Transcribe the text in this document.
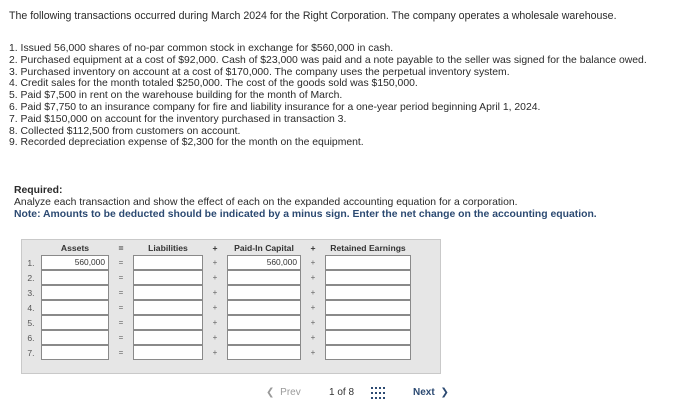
The following transactions occurred during March 2024 for the Right Corporation. The company operates a wholesale warehouse.
1. Issued 56,000 shares of no-par common stock in exchange for $560,000 in cash.
2. Purchased equipment at a cost of $92,000. Cash of $23,000 was paid and a note payable to the seller was signed for the balance owed.
3. Purchased inventory on account at a cost of $170,000. The company uses the perpetual inventory system.
4. Credit sales for the month totaled $250,000. The cost of the goods sold was $150,000.
5. Paid $7,500 in rent on the warehouse building for the month of March.
6. Paid $7,750 to an insurance company for fire and liability insurance for a one-year period beginning April 1, 2024.
7. Paid $150,000 on account for the inventory purchased in transaction 3.
8. Collected $112,500 from customers on account.
9. Recorded depreciation expense of $2,300 for the month on the equipment.
Required:
Analyze each transaction and show the effect of each on the expanded accounting equation for a corporation.
Note: Amounts to be deducted should be indicated by a minus sign. Enter the net change on the accounting equation.
	Assets	=	Liabilities	+	Paid-In Capital	+	Retained Earnings
1.	560,000	=		+	560,000	+	

2.		=		+		+	

3.		=		+		+	

4.		=		+		+	

5.		=		+		+	

6.		=		+		+	

7.		=		+		+	
❮ Prev	1 of 8	Next ❯
